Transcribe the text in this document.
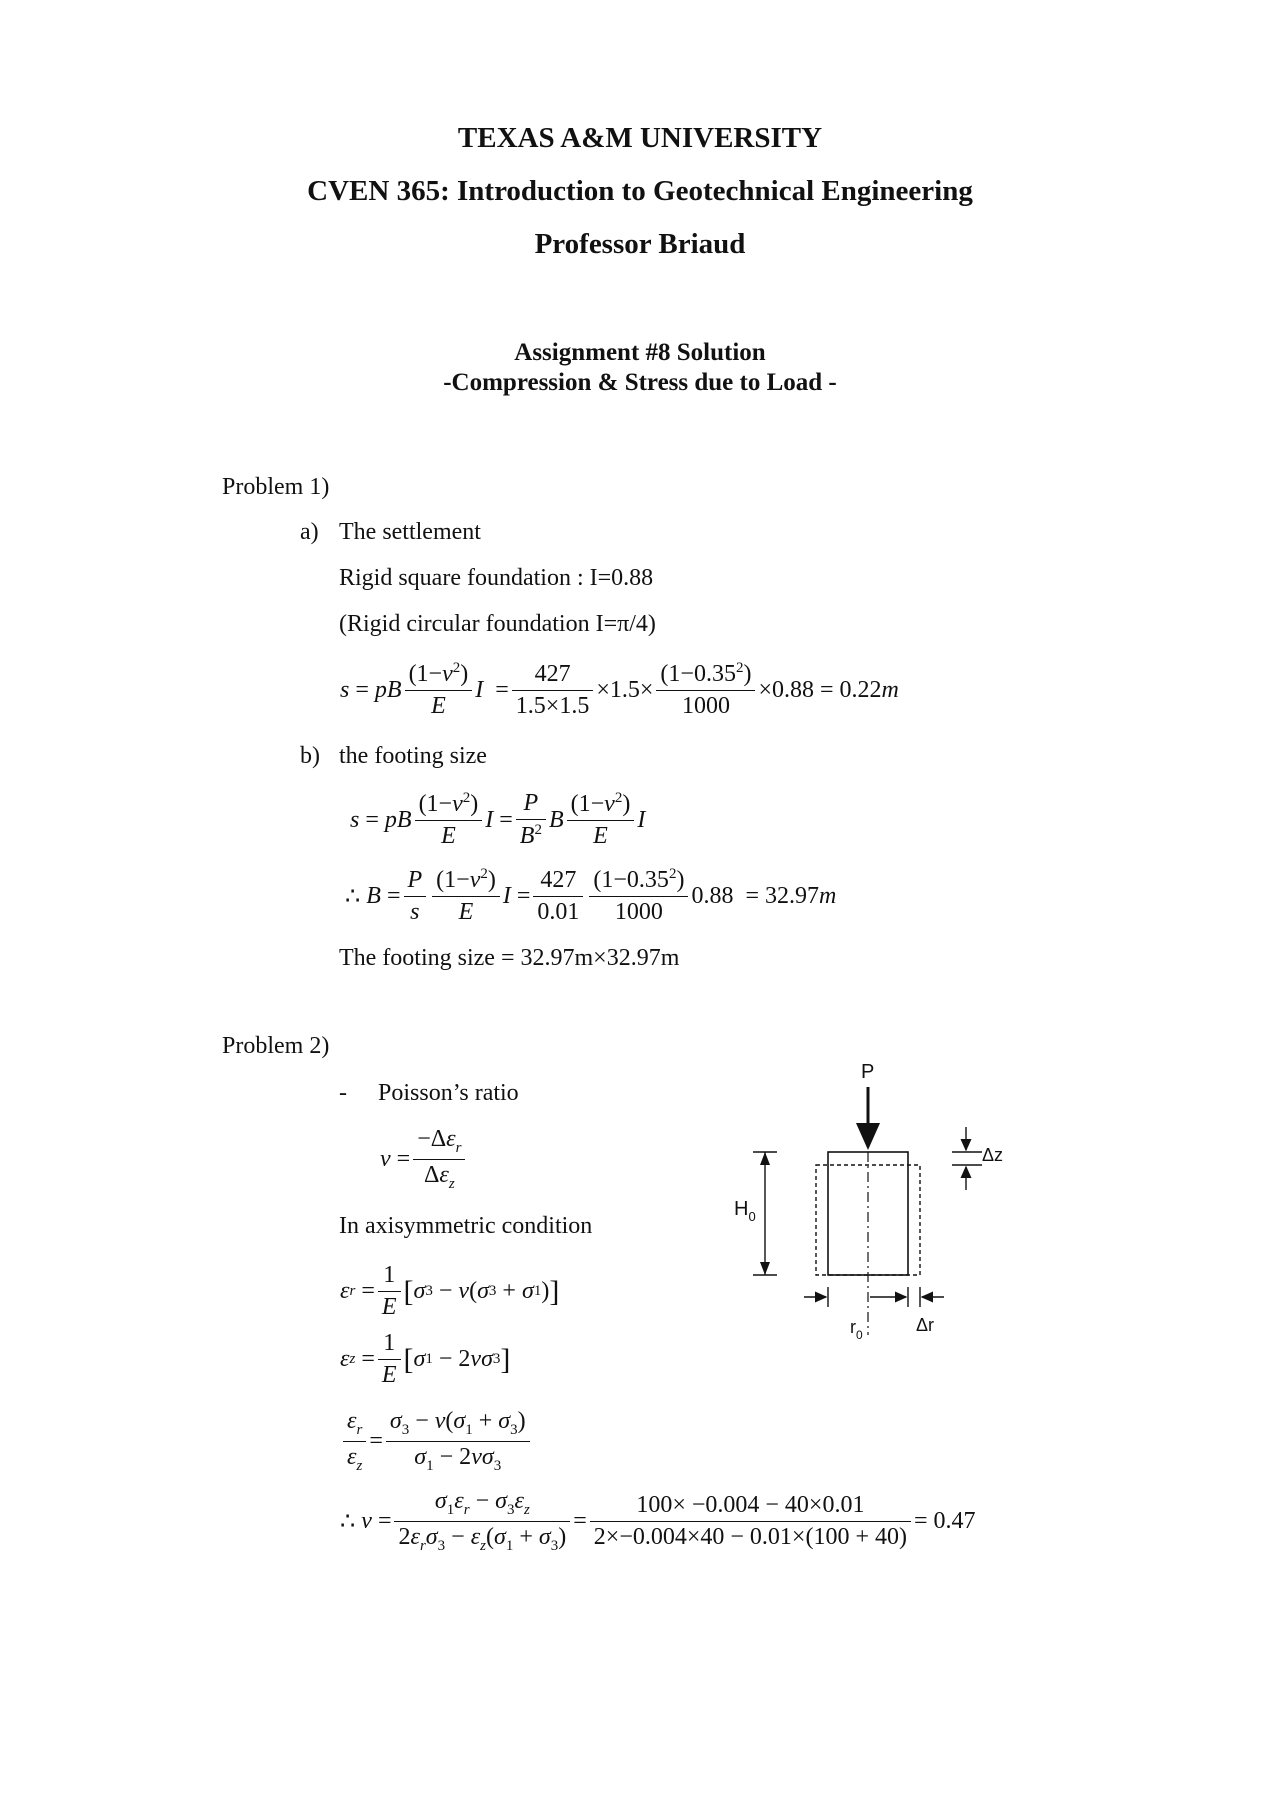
TEXAS A&M UNIVERSITY
CVEN 365: Introduction to Geotechnical Engineering
Professor Briaud
Assignment #8 Solution
-Compression & Stress due to Load -
Problem 1)
a) The settlement
Rigid square foundation : I=0.88
(Rigid circular foundation I=π/4)
s = pB $\frac{(1-\nu^2)}{E}$ $I = \frac{427}{1.5\times 1.5} \times 1.5\times \frac{(1-0.35^2)}{1000} \times 0.88 = 0.22$ m
b) the footing size
s = pB $\frac{(1-\nu^2)}{E}$ $I = \frac{P}{B^2}$ B $\frac{(1-\nu^2)}{E}$ I
∴ $B = \frac{P}{s} \frac{(1-\nu^2)}{E}$ $I = \frac{427}{0.01} \frac{(1-0.35^2)}{1000} 0.88 = 32.97$ m
The footing size = 32.97m×32.97m
Problem 2)
- Poisson’s ratio
$\nu = \frac{-\Delta\varepsilon_r}{\Delta\varepsilon_z}$
In axisymmetric condition
ε $r = \frac{1}{E}$ [ σ 3 − ν ( σ 3 + σ 1 ) ]
ε $z = \frac{1}{E}$ [ σ 1 − 2 νσ 3 ]
$\frac{\varepsilon_r}{\varepsilon_z} = \frac{\sigma_3 - \nu(\sigma_1 + \sigma_3)}{\sigma_1 - 2\nu\sigma_3}$
∴ $\nu = \frac{\sigma_1\varepsilon_r - \sigma_3\varepsilon_z}{2\varepsilon_r\sigma_3 - \varepsilon_z(\sigma_1 + \sigma_3)} = \frac{100\times -0.004 - 40\times 0.01}{2\times-0.004\times 40 - 0.01\times(100 + 40)} = 0.47$
P
$H_0$
Δz
$r_0$	Δr
